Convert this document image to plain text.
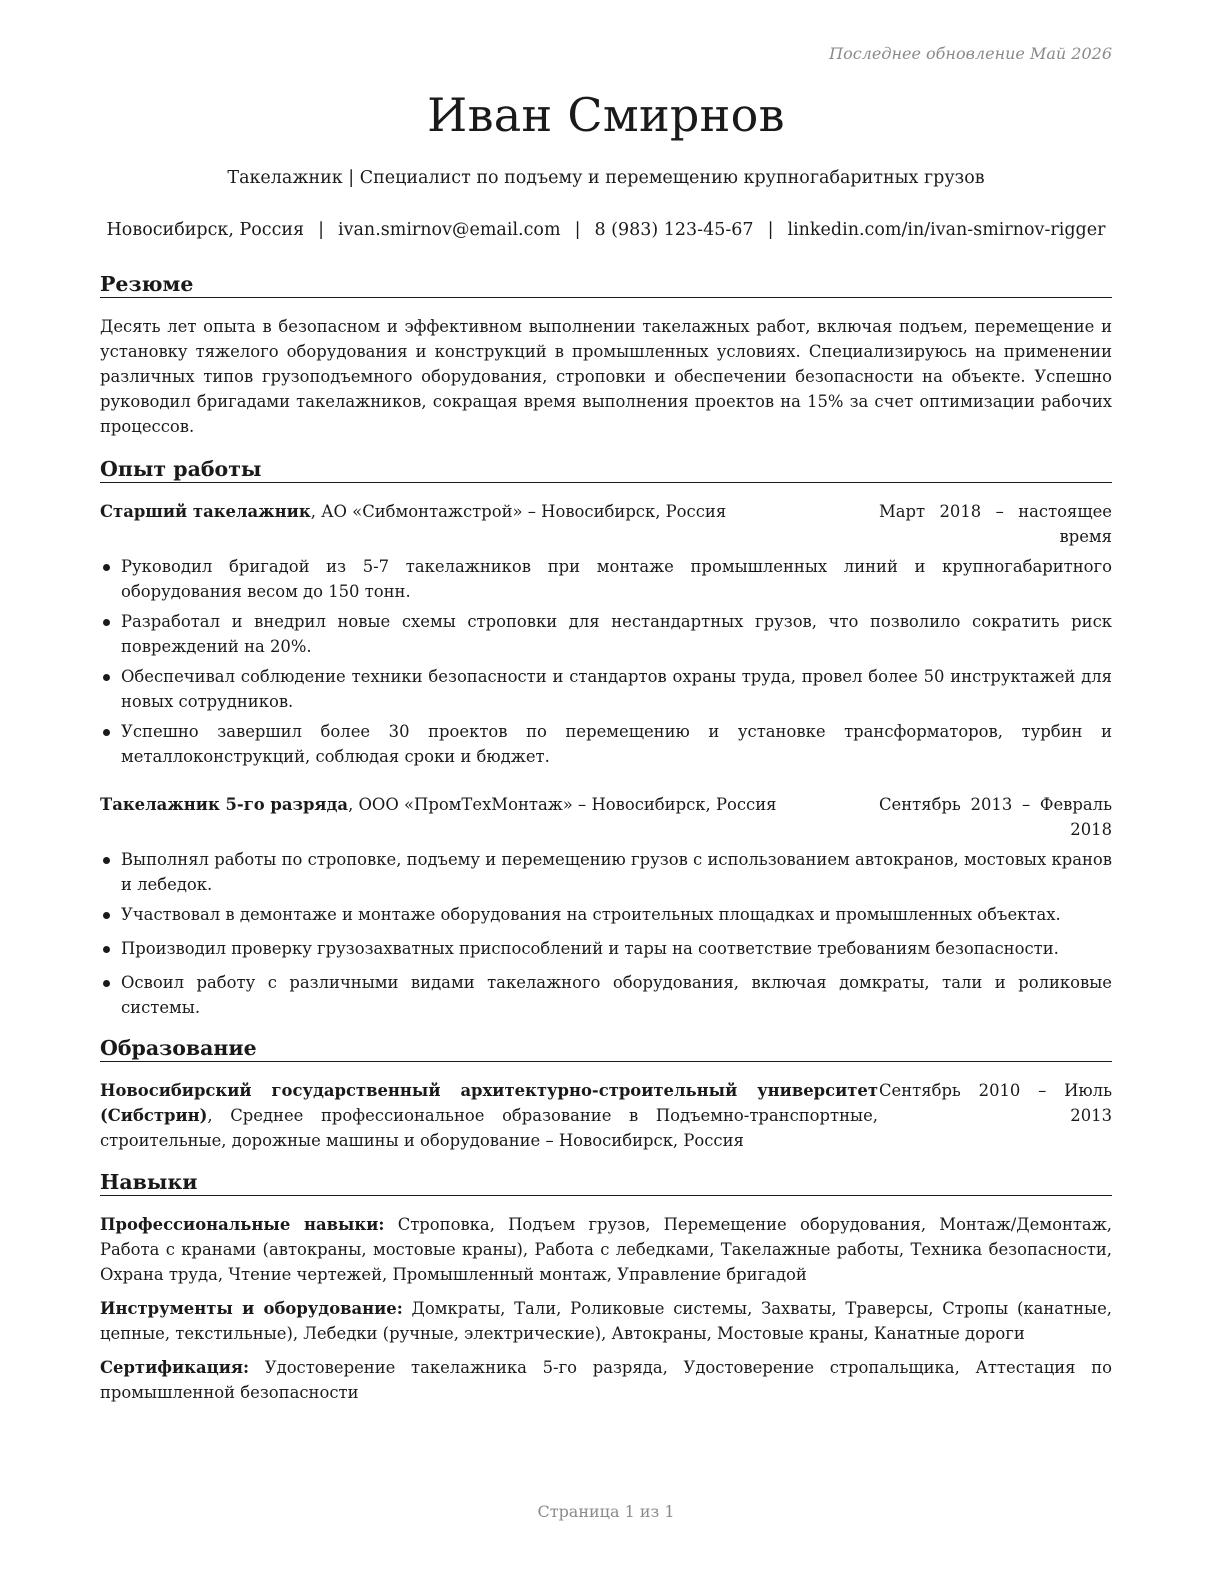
Последнее обновление Май 2026
Иван Смирнов
Такелажник | Специалист по подъему и перемещению крупногабаритных грузов
Новосибирск, Россия | ivan.smirnov@email.com | 8 (983) 123-45-67 | linkedin.com/in/ivan-smirnov-rigger
Резюме
Десять лет опыта в безопасном и эффективном выполнении такелажных работ, включая подъем, перемещение и установку тяжелого оборудования и конструкций в промышленных условиях. Специализируюсь на применении различных типов грузоподъемного оборудования, строповки и обеспечении безопасности на объекте. Успешно руководил бригадами такелажников, сокращая время выполнения проектов на 15% за счет оптимизации рабочих процессов.
Опыт работы
Старший такелажник, АО «Сибмонтажстрой» – Новосибирск, Россия	Март 2018 – настоящее время
Руководил бригадой из 5-7 такелажников при монтаже промышленных линий и крупногабаритного оборудования весом до 150 тонн.
Разработал и внедрил новые схемы строповки для нестандартных грузов, что позволило сократить риск повреждений на 20%.
Обеспечивал соблюдение техники безопасности и стандартов охраны труда, провел более 50 инструктажей для новых сотрудников.
Успешно завершил более 30 проектов по перемещению и установке трансформаторов, турбин и металлоконструкций, соблюдая сроки и бюджет.
Такелажник 5-го разряда, ООО «ПромТехМонтаж» – Новосибирск, Россия	Сентябрь 2013 – Февраль 2018
Выполнял работы по строповке, подъему и перемещению грузов с использованием автокранов, мостовых кранов и лебедок.
Участвовал в демонтаже и монтаже оборудования на строительных площадках и промышленных объектах.
Производил проверку грузозахватных приспособлений и тары на соответствие требованиям безопасности.
Освоил работу с различными видами такелажного оборудования, включая домкраты, тали и роликовые системы.
Образование
Новосибирский государственный архитектурно-строительный университет (Сибстрин), Среднее профессиональное образование в Подъемно-транспортные, строительные, дорожные машины и оборудование – Новосибирск, Россия
Сентябрь 2010 – Июль 2013
Навыки
Профессиональные навыки: Строповка, Подъем грузов, Перемещение оборудования, Монтаж/Демонтаж, Работа с кранами (автокраны, мостовые краны), Работа с лебедками, Такелажные работы, Техника безопасности, Охрана труда, Чтение чертежей, Промышленный монтаж, Управление бригадой
Инструменты и оборудование: Домкраты, Тали, Роликовые системы, Захваты, Траверсы, Стропы (канатные, цепные, текстильные), Лебедки (ручные, электрические), Автокраны, Мостовые краны, Канатные дороги
Сертификация: Удостоверение такелажника 5-го разряда, Удостоверение стропальщика, Аттестация по промышленной безопасности
Страница 1 из 1
